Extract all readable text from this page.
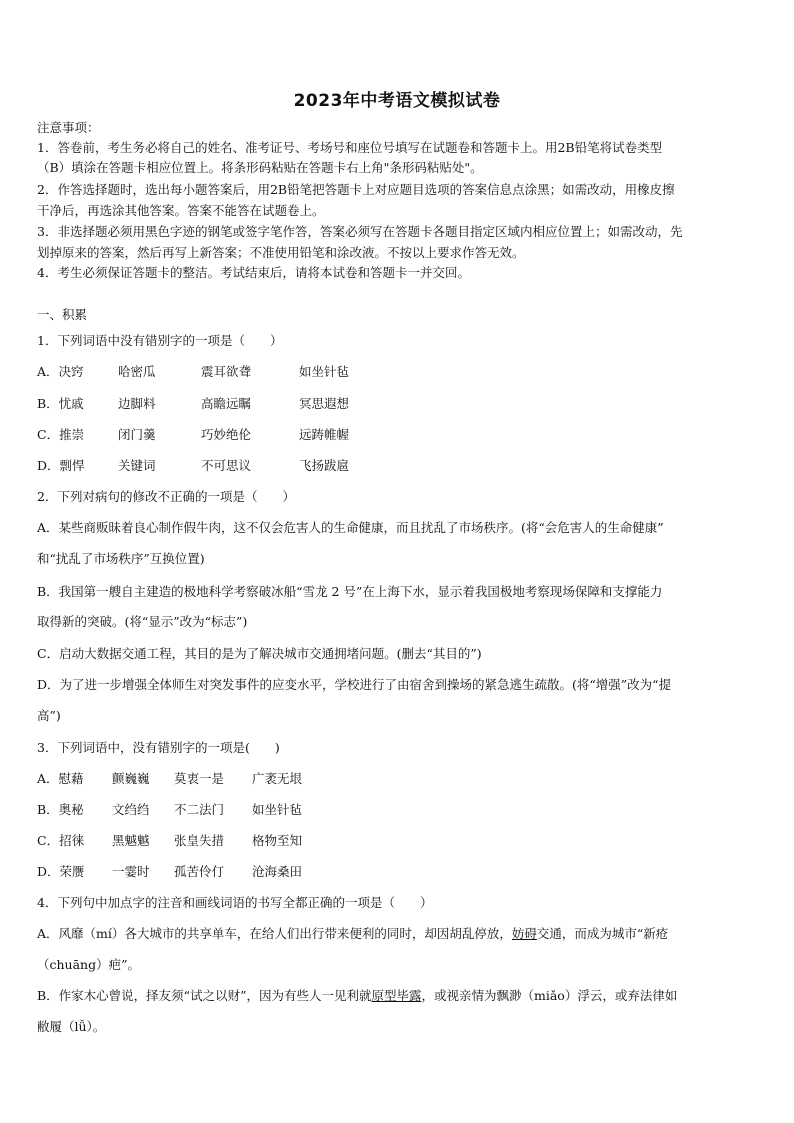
2023年中考语文模拟试卷
注意事项：
1．答卷前，考生务必将自己的姓名、准考证号、考场号和座位号填写在试题卷和答题卡上。用2B铅笔将试卷类型
（B）填涂在答题卡相应位置上。将条形码粘贴在答题卡右上角"条形码粘贴处"。
2．作答选择题时，选出每小题答案后，用2B铅笔把答题卡上对应题目选项的答案信息点涂黑；如需改动，用橡皮擦
干净后，再选涂其他答案。答案不能答在试题卷上。
3．非选择题必须用黑色字迹的钢笔或签字笔作答，答案必须写在答题卡各题目指定区域内相应位置上；如需改动，先
划掉原来的答案，然后再写上新答案；不准使用铅笔和涂改液。不按以上要求作答无效。
4．考生必须保证答题卡的整洁。考试结束后，请将本试卷和答题卡一并交回。
一、积累
1．下列词语中没有错别字的一项是（　　）
A．决窍	哈密瓜	震耳欲聋	如坐针毡
B．忧戚	边脚料	高瞻远瞩	冥思遐想
C．推崇	闭门羹	巧妙绝伦	远踌帷幄
D．剽悍	关键词	不可思议	飞扬跋扈
2．下列对病句的修改不正确的一项是（　　）
A．某些商贩昧着良心制作假牛肉，这不仅会危害人的生命健康，而且扰乱了市场秩序。(将“会危害人的生命健康”
和“扰乱了市场秩序”互换位置)
B．我国第一艘自主建造的极地科学考察破冰船“雪龙 2 号”在上海下水，显示着我国极地考察现场保障和支撑能力
取得新的突破。(将“显示”改为“标志”)
C．启动大数据交通工程，其目的是为了解决城市交通拥堵问题。(删去“其目的”)
D．为了进一步增强全体师生对突发事件的应变水平，学校进行了由宿舍到操场的紧急逃生疏散。(将“增强”改为“提
高”)
3．下列词语中，没有错别字的一项是(　　)
A．慰藉 颤巍巍 莫衷一是 广袤无垠
B．奥秘 文绉绉 不二法门 如坐针毡
C．招徕 黑魆魆 张皇失措 格物至知
D．荣赝 一霎时 孤苦伶仃 沧海桑田
4．下列句中加点字的注音和画线词语的书写全都正确的一项是（　　）
A．风靡（mí）各大城市的共享单车，在给人们出行带来便利的同时，却因胡乱停放，妨碍交通，而成为城市“新疮
（chuāng）疤”。
B．作家木心曾说，择友须“试之以财”，因为有些人一见利就原型毕露，或视亲情为飘渺（miǎo）浮云，或弃法律如
敝履（lǚ）。
